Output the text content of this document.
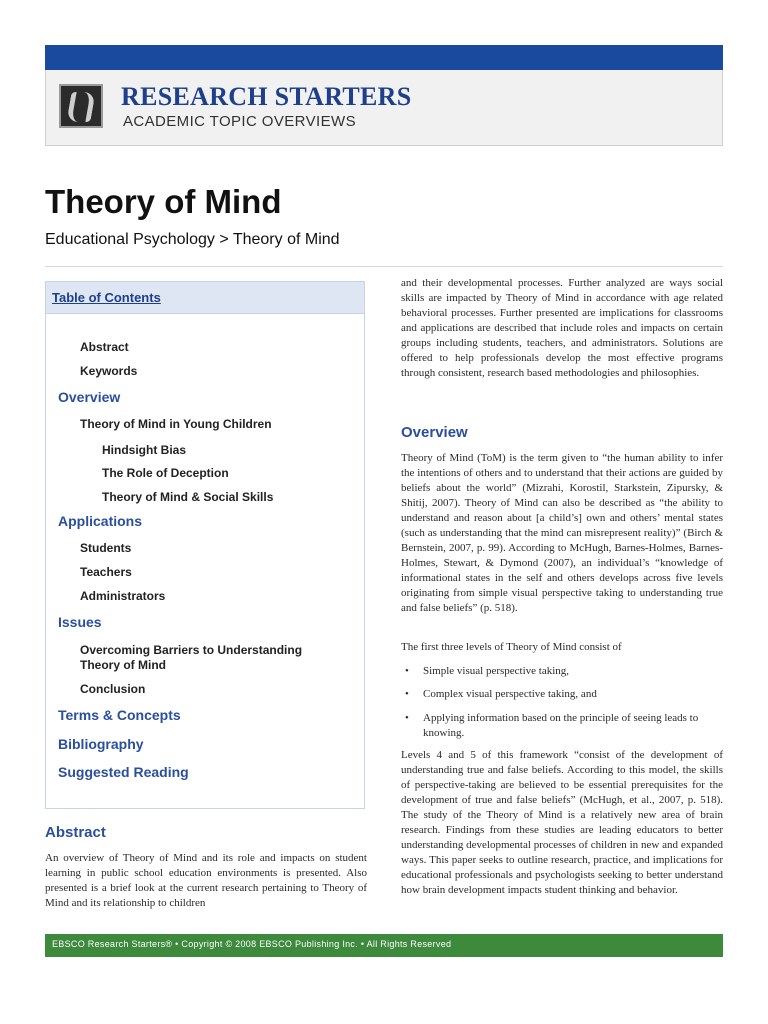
RESEARCH STARTERS
ACADEMIC TOPIC OVERVIEWS
Theory of Mind
Educational Psychology > Theory of Mind
Table of Contents
Abstract
Keywords
Overview
Theory of Mind in Young Children
Hindsight Bias
The Role of Deception
Theory of Mind & Social Skills
Applications
Students
Teachers
Administrators
Issues
Overcoming Barriers to Understanding
Theory of Mind
Conclusion
Terms & Concepts
Bibliography
Suggested Reading
Abstract

An overview of Theory of Mind and its role and impacts on student learning in public school education environments is presented. Also presented is a brief look at the current research pertaining to Theory of Mind and its relationship to children

and their developmental processes. Further analyzed are ways social skills are impacted by Theory of Mind in accordance with age related behavioral processes. Further presented are implications for classrooms and applications are described that include roles and impacts on certain groups including students, teachers, and administrators. Solutions are offered to help professionals develop the most effective programs through consistent, research based methodologies and philosophies.

Overview

Theory of Mind (ToM) is the term given to “the human ability to infer the intentions of others and to understand that their actions are guided by beliefs about the world” (Mizrahi, Korostil, Starkstein, Zipursky, & Shitij, 2007). Theory of Mind can also be described as “the ability to understand and reason about [a child’s] own and others’ mental states (such as understanding that the mind can misrepresent reality)” (Birch & Bernstein, 2007, p. 99). According to McHugh, Barnes-Holmes, Barnes-Holmes, Stewart, & Dymond (2007), an individual’s “knowledge of informational states in the self and others develops across five levels originating from simple visual perspective taking to understanding true and false beliefs” (p. 518).

The first three levels of Theory of Mind consist of

• Simple visual perspective taking,
• Complex visual perspective taking, and
• Applying information based on the principle of seeing leads to knowing.

Levels 4 and 5 of this framework “consist of the development of understanding true and false beliefs. According to this model, the skills of perspective-taking are believed to be essential prerequisites for the development of true and false beliefs” (McHugh, et al., 2007, p. 518). The study of the Theory of Mind is a relatively new area of brain research. Findings from these studies are leading educators to better understanding developmental processes of children in new and expanded ways. This paper seeks to outline research, practice, and implications for educational professionals and psychologists seeking to better understand how brain development impacts student thinking and behavior.

EBSCO Research Starters® • Copyright © 2008 EBSCO Publishing Inc. • All Rights Reserved
